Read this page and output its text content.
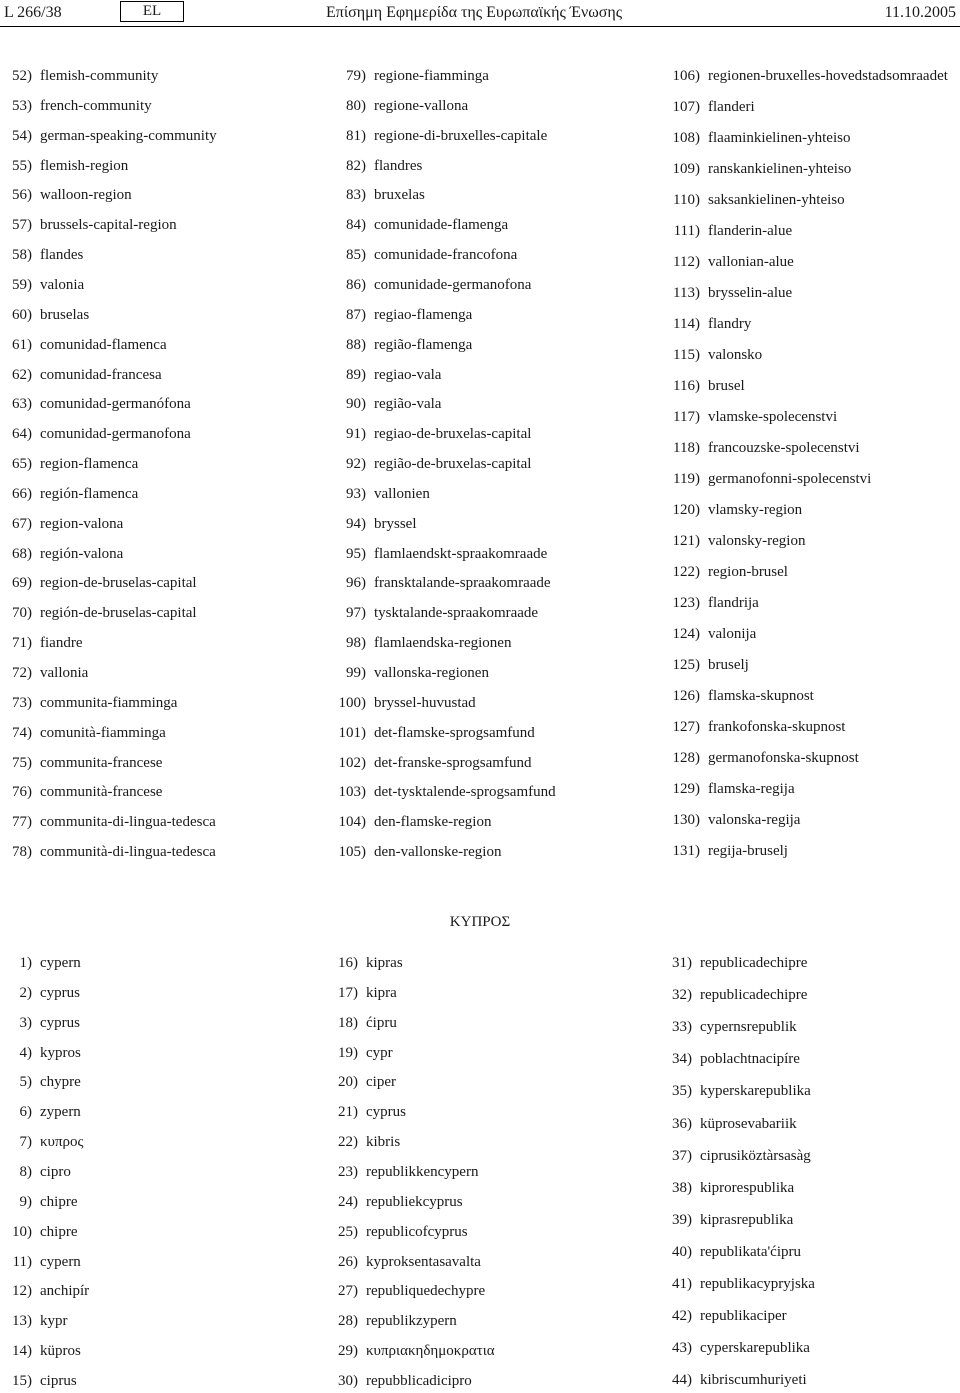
L 266/38	EL	Επίσημη Εφημερίδα της Ευρωπαϊκής Ένωσης	11.10.2005
52) flemish-community
53) french-community
54) german-speaking-community
55) flemish-region
56) walloon-region
57) brussels-capital-region
58) flandes
59) valonia
60) bruselas
61) comunidad-flamenca
62) comunidad-francesa
63) comunidad-germanófona
64) comunidad-germanofona
65) region-flamenca
66) región-flamenca
67) region-valona
68) región-valona
69) region-de-bruselas-capital
70) región-de-bruselas-capital
71) fiandre
72) vallonia
73) communita-fiamminga
74) comunità-fiamminga
75) communita-francese
76) communità-francese
77) communita-di-lingua-tedesca
78) communità-di-lingua-tedesca
79) regione-fiamminga
80) regione-vallona
81) regione-di-bruxelles-capitale
82) flandres
83) bruxelas
84) comunidade-flamenga
85) comunidade-francofona
86) comunidade-germanofona
87) regiao-flamenga
88) região-flamenga
89) regiao-vala
90) região-vala
91) regiao-de-bruxelas-capital
92) região-de-bruxelas-capital
93) vallonien
94) bryssel
95) flamlaendskt-spraakomraade
96) fransktalande-spraakomraade
97) tysktalande-spraakomraade
98) flamlaendska-regionen
99) vallonska-regionen
100) bryssel-huvustad
101) det-flamske-sprogsamfund
102) det-franske-sprogsamfund
103) det-tysktalende-sprogsamfund
104) den-flamske-region
105) den-vallonske-region
106) regionen-bruxelles-hovedstadsomraadet
107) flanderi
108) flaaminkielinen-yhteiso
109) ranskankielinen-yhteiso
110) saksankielinen-yhteiso
111) flanderin-alue
112) vallonian-alue
113) brysselin-alue
114) flandry
115) valonsko
116) brusel
117) vlamske-spolecenstvi
118) francouzske-spolecenstvi
119) germanofonni-spolecenstvi
120) vlamsky-region
121) valonsky-region
122) region-brusel
123) flandrija
124) valonija
125) bruselj
126) flamska-skupnost
127) frankofonska-skupnost
128) germanofonska-skupnost
129) flamska-regija
130) valonska-regija
131) regija-bruselj
ΚΥΠΡΟΣ
1) cypern
2) cyprus
3) cyprus
4) kypros
5) chypre
6) zypern
7) κυπρος
8) cipro
9) chipre
10) chipre
11) cypern
12) anchipír
13) kypr
14) küpros
15) ciprus
16) kipras
17) kipra
18) ćipru
19) cypr
20) ciper
21) cyprus
22) kibris
23) republikkencypern
24) republiekcyprus
25) republicofcyprus
26) kyproksentasavalta
27) republiquedechypre
28) republikzypern
29) κυπριακηδημοκρατια
30) repubblicadicipro
31) republicadechipre
32) republicadechipre
33) cypernsrepublik
34) poblachtnacipíre
35) kyperskarepublika
36) küprosevabariik
37) ciprusiköztàrsasàg
38) kiprorespublika
39) kiprasrepublika
40) republikata'ćipru
41) republikacypryjska
42) republikaciper
43) cyperskarepublika
44) kibriscumhuriyeti
